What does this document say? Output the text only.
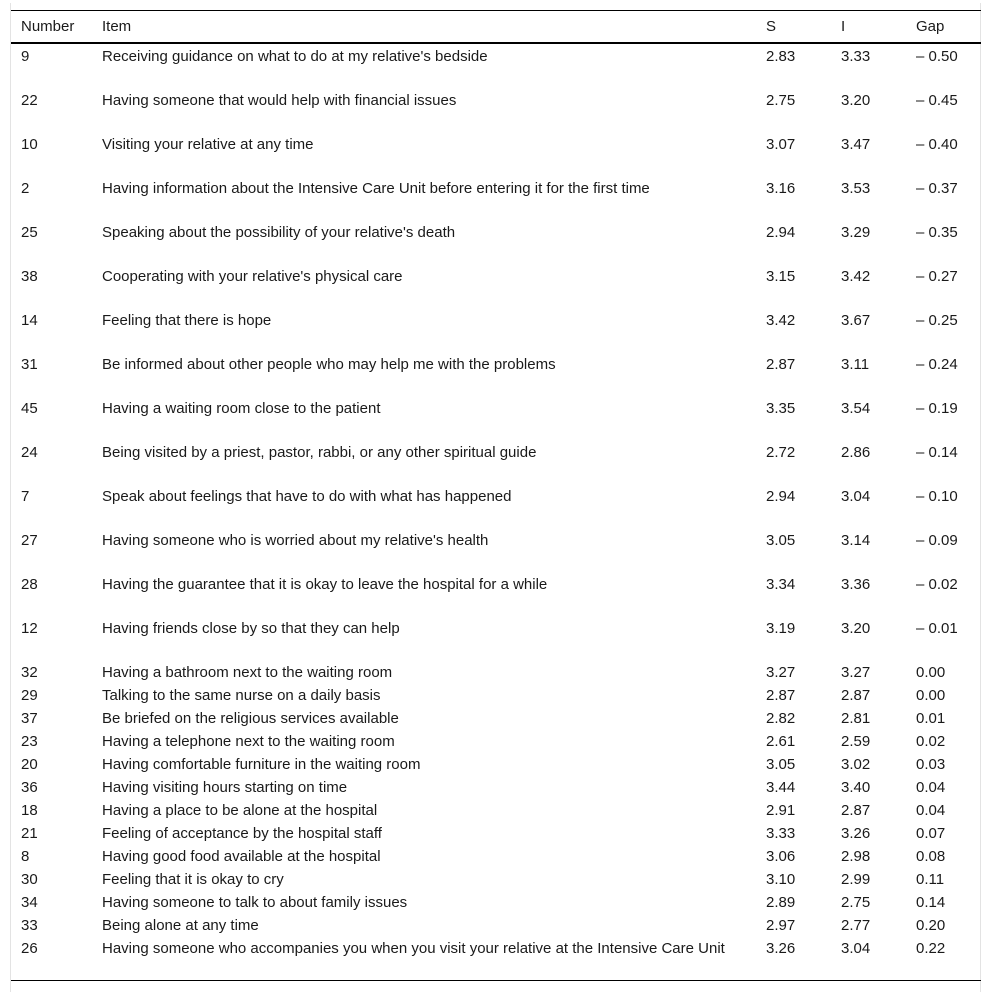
Number	Item	S	I	Gap
9	Receiving guidance on what to do at my relative's bedside	2.83	3.33	– 0.50
22	Having someone that would help with financial issues	2.75	3.20	– 0.45
10	Visiting your relative at any time	3.07	3.47	– 0.40
2	Having information about the Intensive Care Unit before entering it for the first time	3.16	3.53	– 0.37
25	Speaking about the possibility of your relative's death	2.94	3.29	– 0.35
38	Cooperating with your relative's physical care	3.15	3.42	– 0.27
14	Feeling that there is hope	3.42	3.67	– 0.25
31	Be informed about other people who may help me with the problems	2.87	3.11	– 0.24
45	Having a waiting room close to the patient	3.35	3.54	– 0.19
24	Being visited by a priest, pastor, rabbi, or any other spiritual guide	2.72	2.86	– 0.14
7	Speak about feelings that have to do with what has happened	2.94	3.04	– 0.10
27	Having someone who is worried about my relative's health	3.05	3.14	– 0.09
28	Having the guarantee that it is okay to leave the hospital for a while	3.34	3.36	– 0.02
12	Having friends close by so that they can help	3.19	3.20	– 0.01
32	Having a bathroom next to the waiting room	3.27	3.27	0.00
29	Talking to the same nurse on a daily basis	2.87	2.87	0.00
37	Be briefed on the religious services available	2.82	2.81	0.01
23	Having a telephone next to the waiting room	2.61	2.59	0.02
20	Having comfortable furniture in the waiting room	3.05	3.02	0.03
36	Having visiting hours starting on time	3.44	3.40	0.04
18	Having a place to be alone at the hospital	2.91	2.87	0.04
21	Feeling of acceptance by the hospital staff	3.33	3.26	0.07
8	Having good food available at the hospital	3.06	2.98	0.08
30	Feeling that it is okay to cry	3.10	2.99	0.11
34	Having someone to talk to about family issues	2.89	2.75	0.14
33	Being alone at any time	2.97	2.77	0.20
26	Having someone who accompanies you when you visit your relative at the Intensive Care Unit	3.26	3.04	0.22
